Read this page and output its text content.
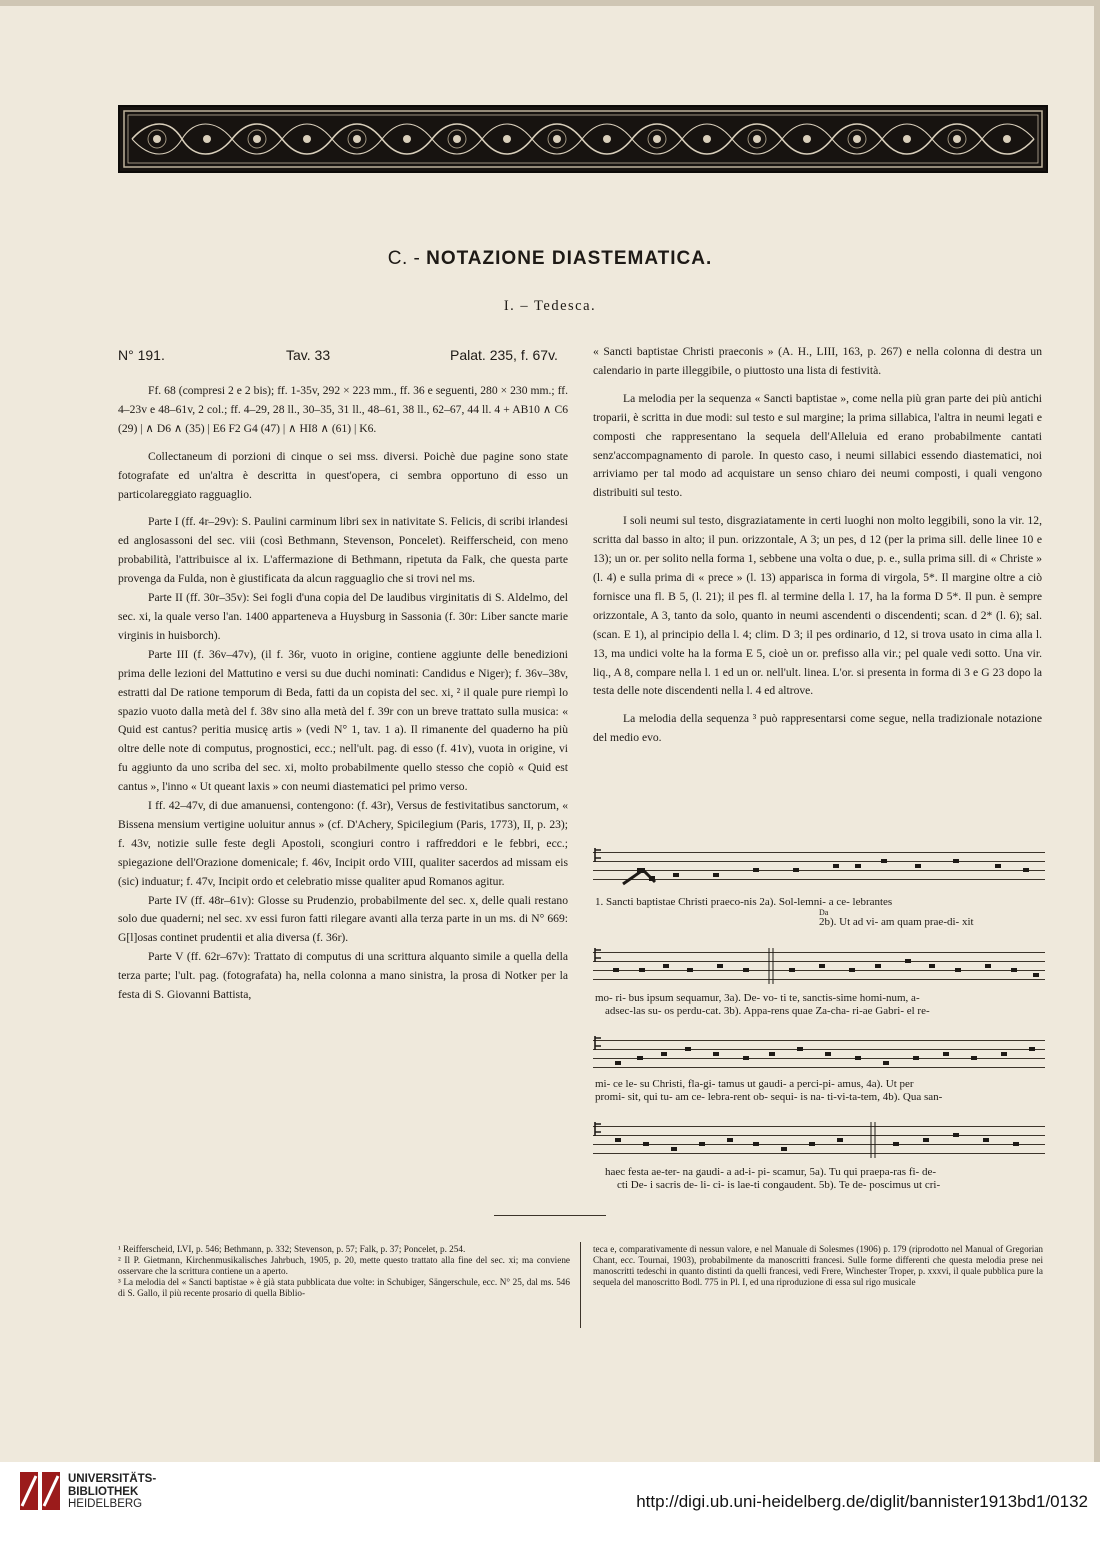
C. - NOTAZIONE DIASTEMATICA.
I. – Tedesca.
N° 191.	Tav. 33	Palat. 235, f. 67v.

Ff. 68 (compresi 2 e 2 bis); ff. 1-35v, 292 × 223 mm., ff. 36 e seguenti, 280 × 230 mm.; ff. 4–23v e 48–61v, 2 col.; ff. 4–29, 28 ll., 30–35, 31 ll., 48–61, 38 ll., 62–67, 44 ll. 4 + AB10 ∧ C6 (29) | ∧ D6 ∧ (35) | E6 F2 G4 (47) | ∧ HI8 ∧ (61) | K6.

Collectaneum di porzioni di cinque o sei mss. diversi. Poichè due pagine sono state fotografate ed un'altra è descritta in quest'opera, ci sembra opportuno di esso un particolareggiato ragguaglio.

Parte I (ff. 4r–29v): S. Paulini carminum libri sex in nativitate S. Felicis, di scribi irlandesi ed anglosassoni del sec. viii (così Bethmann, Stevenson, Poncelet). Reifferscheid, con meno probabilità, l'attribuisce al ix. L'affermazione di Bethmann, ripetuta da Falk, che questa parte provenga da Fulda, non è giustificata da alcun ragguaglio che si trovi nel ms.

Parte II (ff. 30r–35v): Sei fogli d'una copia del De laudibus virginitatis di S. Aldelmo, del sec. xi, la quale verso l'an. 1400 apparteneva a Huysburg in Sassonia (f. 30r: Liber sancte marie virginis in huisborch).

Parte III (f. 36v–47v), (il f. 36r, vuoto in origine, contiene aggiunte delle benedizioni prima delle lezioni del Mattutino e versi su due duchi nominati: Candidus e Niger); f. 36v–38v, estratti dal De ratione temporum di Beda, fatti da un copista del sec. xi, ² il quale pure riempì lo spazio vuoto dalla metà del f. 38v sino alla metà del f. 39r con un breve trattato sulla musica: « Quid est cantus? peritia musicę artis » (vedi N° 1, tav. 1 a). Il rimanente del quaderno ha più oltre delle note di computus, prognostici, ecc.; nell'ult. pag. di esso (f. 41v), vuota in origine, vi fu aggiunto da uno scriba del sec. xi, molto probabilmente quello stesso che copiò « Quid est cantus », l'inno « Ut queant laxis » con neumi diastematici pel primo verso.

I ff. 42–47v, di due amanuensi, contengono: (f. 43r), Versus de festivitatibus sanctorum, « Bissena mensium vertigine uoluitur annus » (cf. D'Achery, Spicilegium (Paris, 1773), II, p. 23); f. 43v, notizie sulle feste degli Apostoli, scongiuri contro i raffreddori e le febbri, ecc.; spiegazione dell'Orazione domenicale; f. 46v, Incipit ordo VIII, qualiter sacerdos ad missam eis (sic) induatur; f. 47v, Incipit ordo et celebratio misse qualiter apud Romanos agitur.

Parte IV (ff. 48r–61v): Glosse su Prudenzio, probabilmente del sec. x, delle quali restano solo due quaderni; nel sec. xv essi furon fatti rilegare avanti alla terza parte in un ms. di N° 669: G[l]osas continet prudentii et alia diversa (f. 36r).

Parte V (ff. 62r–67v): Trattato di computus di una scrittura alquanto simile a quella della terza parte; l'ult. pag. (fotografata) ha, nella colonna a mano sinistra, la prosa di Notker per la festa di S. Giovanni Battista,

« Sancti baptistae Christi praeconis » (A. H., LIII, 163, p. 267) e nella colonna di destra un calendario in parte illeggibile, o piuttosto una lista di festività.

La melodia per la sequenza « Sancti baptistae », come nella più gran parte dei più antichi troparii, è scritta in due modi: sul testo e sul margine; la prima sillabica, l'altra in neumi legati e composti che rappresentano la sequela dell'Alleluia ed erano probabilmente cantati senz'accompagnamento di parole. In questo caso, i neumi sillabici essendo diastematici, noi arriviamo per tal modo ad acquistare un senso chiaro dei neumi composti, i quali vengono distribuiti sul testo.

I soli neumi sul testo, disgraziatamente in certi luoghi non molto leggibili, sono la vir. 12, scritta dal basso in alto; il pun. orizzontale, A 3; un pes, d 12 (per la prima sill. delle linee 10 e 13); un or. per solito nella forma 1, sebbene una volta o due, p. e., sulla prima sill. di « Christe » (l. 4) e sulla prima di « prece » (l. 13) apparisca in forma di virgola, 5*. Il margine oltre a ciò fornisce una fl. B 5, (l. 21); il pes fl. al termine della l. 17, ha la forma D 5*. Il pun. è sempre orizzontale, A 3, tanto da solo, quanto in neumi ascendenti o discendenti; scan. d 2* (l. 6); sal. (scan. E 1), al principio della l. 4; clim. D 3; il pes ordinario, d 12, si trova usato in cima alla l. 13, ma undici volte ha la forma E 5, cioè un or. prefisso alla vir.; pel quale vedi sotto. Una vir. liq., A 8, compare nella l. 1 ed un or. nell'ult. linea. L'or. si presenta in forma di 3 e G 23 dopo la testa delle note discendenti nella l. 4 ed altrove.

La melodia della sequenza ³ può rappresentarsi come segue, nella tradizionale notazione del medio evo.

1. Sancti baptistae Christi praeco-nis 2a). Sol-lemni- a ce- lebrantes
Da
2b). Ut ad vi- am quam prae-di- xit
mo- ri- bus ipsum sequamur, 3a). De- vo- ti te, sanctis-sime homi-num, a-
adsec-las su- os perdu-cat. 3b). Appa-rens quae Za-cha- ri-ae Gabri- el re-
mi- ce le- su Christi, fla-gi- tamus ut gaudi- a perci-pi- amus, 4a). Ut per
promi- sit, qui tu- am ce- lebra-rent ob- sequi- is na- ti-vi-ta-tem, 4b). Qua san-
haec festa ae-ter- na gaudi- a ad-i- pi- scamur, 5a). Tu qui praepa-ras fi- de-
cti De- i sacris de- li- ci- is lae-ti congaudent. 5b). Te de- poscimus ut cri-

¹ Reifferscheid, LVI, p. 546; Bethmann, p. 332; Stevenson, p. 57; Falk, p. 37; Poncelet, p. 254.

² Il P. Gietmann, Kirchenmusikalisches Jahrbuch, 1905, p. 20, mette questo trattato alla fine del sec. xi; ma conviene osservare che la scrittura contiene un a aperto.

³ La melodia del « Sancti baptistae » è già stata pubblicata due volte: in Schubiger, Sängerschule, ecc. N° 25, dal ms. 546 di S. Gallo, il più recente prosario di quella Biblio-

teca e, comparativamente di nessun valore, e nel Manuale di Solesmes (1906) p. 179 (riprodotto nel Manual of Gregorian Chant, ecc. Tournai, 1903), probabilmente da manoscritti francesi. Sulle forme differenti che questa melodia prese nei manoscritti tedeschi in quanto distinti da quelli francesi, vedi Frere, Winchester Troper, p. xxxvi, il quale pubblica pure la sequela del manoscritto Bodl. 775 in Pl. I, ed una riproduzione di essa sul rigo musicale

UNIVERSITÄTS-
BIBLIOTHEK
HEIDELBERG	http://digi.ub.uni-heidelberg.de/diglit/bannister1913bd1/0132
